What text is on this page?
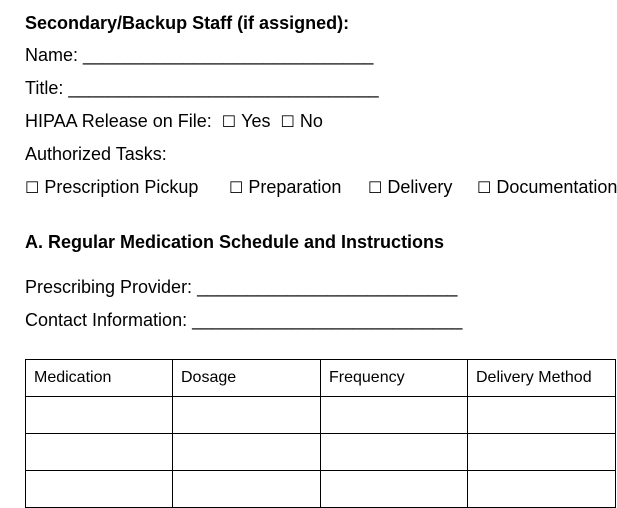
Secondary/Backup Staff (if assigned):
Name: _____________________________
Title: _______________________________
HIPAA Release on File: ☐ Yes ☐ No
Authorized Tasks:
☐ Prescription Pickup ☐ Preparation ☐ Delivery ☐ Documentation
A. Regular Medication Schedule and Instructions
Prescribing Provider: __________________________
Contact Information: ___________________________
Medication	Dosage	Frequency	Delivery Method
